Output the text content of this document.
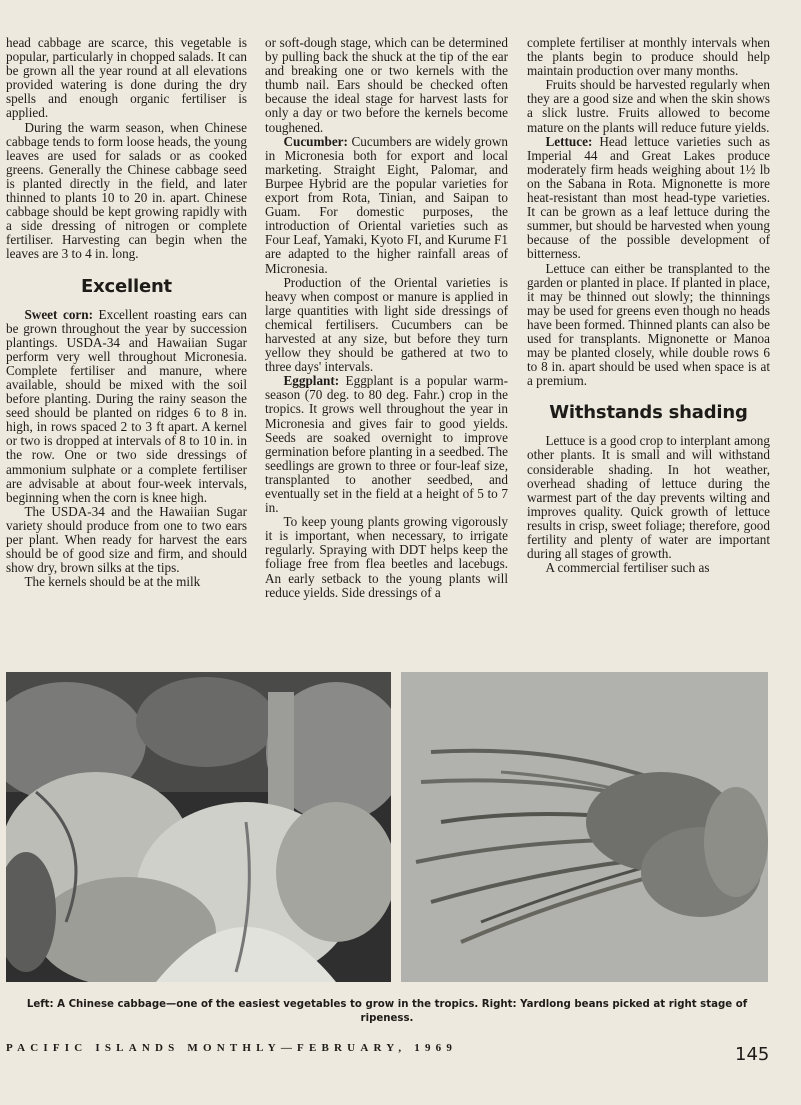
head cabbage are scarce, this vegetable is popular, particularly in chopped salads. It can be grown all the year round at all elevations provided watering is done during the dry spells and enough organic fertiliser is applied.

During the warm season, when Chinese cabbage tends to form loose heads, the young leaves are used for salads or as cooked greens. Generally the Chinese cabbage seed is planted directly in the field, and later thinned to plants 10 to 20 in. apart. Chinese cabbage should be kept growing rapidly with a side dressing of nitrogen or complete fertiliser. Harvesting can begin when the leaves are 3 to 4 in. long.

Excellent

Sweet corn: Excellent roasting ears can be grown throughout the year by succession plantings. USDA-34 and Hawaiian Sugar perform very well throughout Micronesia. Complete fertiliser and manure, where available, should be mixed with the soil before planting. During the rainy season the seed should be planted on ridges 6 to 8 in. high, in rows spaced 2 to 3 ft apart. A kernel or two is dropped at intervals of 8 to 10 in. in the row. One or two side dressings of ammonium sulphate or a complete fertiliser are advisable at about four-week intervals, beginning when the corn is knee high.

The USDA-34 and the Hawaiian Sugar variety should produce from one to two ears per plant. When ready for harvest the ears should be of good size and firm, and should show dry, brown silks at the tips.

The kernels should be at the milk

or soft-dough stage, which can be determined by pulling back the shuck at the tip of the ear and breaking one or two kernels with the thumb nail. Ears should be checked often because the ideal stage for harvest lasts for only a day or two before the kernels become toughened.

Cucumber: Cucumbers are widely grown in Micronesia both for export and local marketing. Straight Eight, Palomar, and Burpee Hybrid are the popular varieties for export from Rota, Tinian, and Saipan to Guam. For domestic purposes, the introduction of Oriental varieties such as Four Leaf, Yamaki, Kyoto FI, and Kurume F1 are adapted to the higher rainfall areas of Micronesia.

Production of the Oriental varieties is heavy when compost or manure is applied in large quantities with light side dressings of chemical fertilisers. Cucumbers can be harvested at any size, but before they turn yellow they should be gathered at two to three days' intervals.

Eggplant: Eggplant is a popular warm-season (70 deg. to 80 deg. Fahr.) crop in the tropics. It grows well throughout the year in Micronesia and gives fair to good yields. Seeds are soaked overnight to improve germination before planting in a seedbed. The seedlings are grown to three or four-leaf size, transplanted to another seedbed, and eventually set in the field at a height of 5 to 7 in.

To keep young plants growing vigorously it is important, when necessary, to irrigate regularly. Spraying with DDT helps keep the foliage free from flea beetles and lacebugs. An early setback to the young plants will reduce yields. Side dressings of a

complete fertiliser at monthly intervals when the plants begin to produce should help maintain production over many months.

Fruits should be harvested regularly when they are a good size and when the skin shows a slick lustre. Fruits allowed to become mature on the plants will reduce future yields.

Lettuce: Head lettuce varieties such as Imperial 44 and Great Lakes produce moderately firm heads weighing about 1½ lb on the Sabana in Rota. Mignonette is more heat-resistant than most head-type varieties. It can be grown as a leaf lettuce during the summer, but should be harvested when young because of the possible development of bitterness.

Lettuce can either be transplanted to the garden or planted in place. If planted in place, it may be thinned out slowly; the thinnings may be used for greens even though no heads have been formed. Thinned plants can also be used for transplants. Mignonette or Manoa may be planted closely, while double rows 6 to 8 in. apart should be used when space is at a premium.

Withstands shading

Lettuce is a good crop to interplant among other plants. It is small and will withstand considerable shading. In hot weather, overhead shading of lettuce during the warmest part of the day prevents wilting and improves quality. Quick growth of lettuce results in crisp, sweet foliage; therefore, good fertility and plenty of water are important during all stages of growth.

A commercial fertiliser such as

Left: A Chinese cabbage—one of the easiest vegetables to grow in the tropics. Right: Yardlong beans picked at right stage of ripeness.
PACIFIC ISLANDS MONTHLY—FEBRUARY, 1969	145
